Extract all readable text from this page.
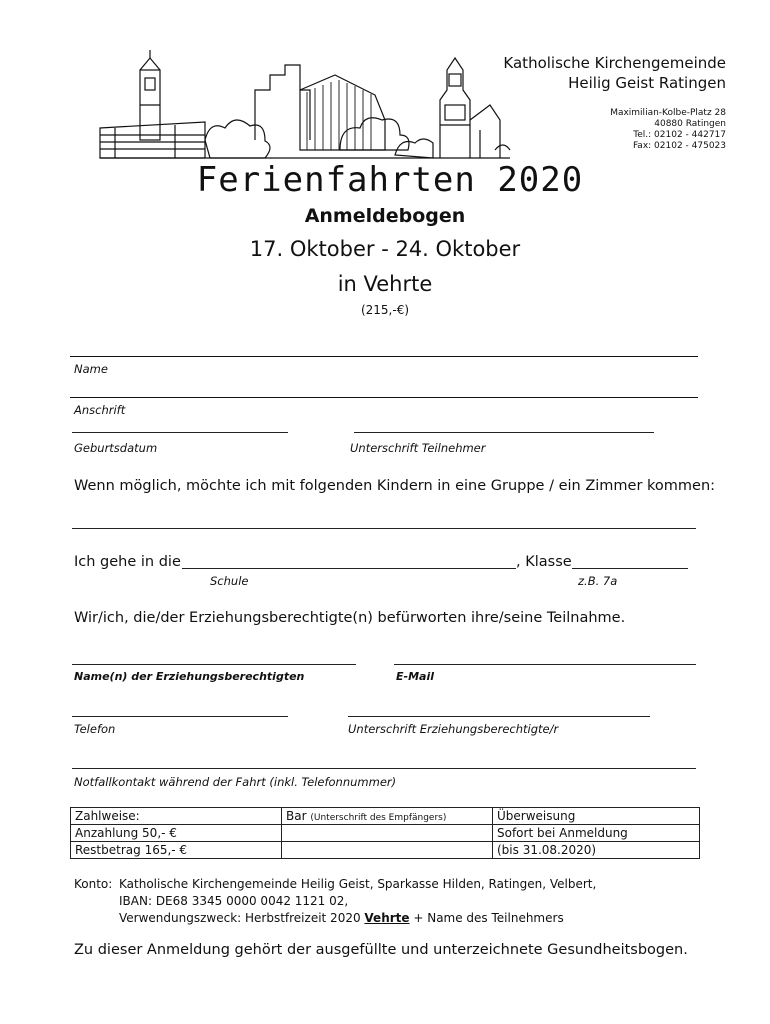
Katholische Kirchengemeinde
Heilig Geist Ratingen
Maximilian-Kolbe-Platz 28
40880 Ratingen
Tel.: 02102 - 442717
Fax: 02102 - 475023
Ferienfahrten 2020
Anmeldebogen
17. Oktober - 24. Oktober
in Vehrte
(215,-€)
Name
Anschrift
Geburtsdatum	Unterschrift Teilnehmer
Wenn möglich, möchte ich mit folgenden Kindern in eine Gruppe / ein Zimmer kommen:
Ich gehe in die	, Klasse
Schule	z.B. 7a
Wir/ich, die/der Erziehungsberechtigte(n) befürworten ihre/seine Teilnahme.
Name(n) der Erziehungsberechtigten	E-Mail
Telefon	Unterschrift Erziehungsberechtigte/r
Notfallkontakt während der Fahrt (inkl. Telefonnummer)
Zahlweise:	Bar (Unterschrift des Empfängers)	Überweisung
Anzahlung 50,- €		Sofort bei Anmeldung
Restbetrag 165,- €		(bis 31.08.2020)
Konto: Katholische Kirchengemeinde Heilig Geist, Sparkasse Hilden, Ratingen, Velbert,
IBAN: DE68 3345 0000 0042 1121 02,
Verwendungszweck: Herbstfreizeit 2020 Vehrte + Name des Teilnehmers
Zu dieser Anmeldung gehört der ausgefüllte und unterzeichnete Gesundheitsbogen.
